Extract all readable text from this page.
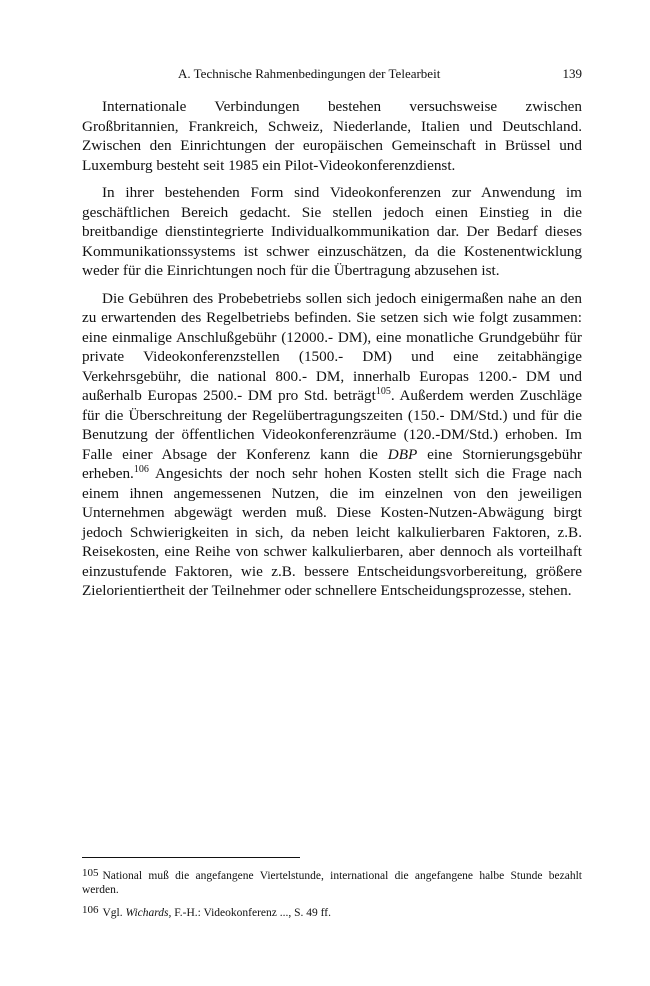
A. Technische Rahmenbedingungen der Telearbeit	139

Internationale Verbindungen bestehen versuchsweise zwischen Großbritannien, Frankreich, Schweiz, Niederlande, Italien und Deutschland. Zwischen den Einrichtungen der europäischen Gemeinschaft in Brüssel und Luxemburg besteht seit 1985 ein Pilot-Videokonferenzdienst.

In ihrer bestehenden Form sind Videokonferenzen zur Anwendung im geschäftlichen Bereich gedacht. Sie stellen jedoch einen Einstieg in die breitbandige dienstintegrierte Individualkommunikation dar. Der Bedarf dieses Kommunikationssystems ist schwer einzuschätzen, da die Kostenentwicklung weder für die Einrichtungen noch für die Übertragung abzusehen ist.

Die Gebühren des Probebetriebs sollen sich jedoch einigermaßen nahe an den zu erwartenden des Regelbetriebs befinden. Sie setzen sich wie folgt zusammen: eine einmalige Anschlußgebühr (12000.- DM), eine monatliche Grundgebühr für private Videokonferenzstellen (1500.- DM) und eine zeitabhängige Verkehrsgebühr, die national 800.- DM, innerhalb Europas 1200.- DM und außerhalb Europas 2500.- DM pro Std. beträgt$^{105}$. Außerdem werden Zuschläge für die Überschreitung der Regelübertragungszeiten (150.- DM/Std.) und für die Benutzung der öffentlichen Videokonferenzräume (120.-DM/Std.) erhoben. Im Falle einer Absage der Konferenz kann die DBP eine Stornierungsgebühr erheben.$^{106}$ Angesichts der noch sehr hohen Kosten stellt sich die Frage nach einem ihnen angemessenen Nutzen, die im einzelnen von den jeweiligen Unternehmen abgewägt werden muß. Diese Kosten-Nutzen-Abwägung birgt jedoch Schwierigkeiten in sich, da neben leicht kalkulierbaren Faktoren, z.B. Reisekosten, eine Reihe von schwer kalkulierbaren, aber dennoch als vorteilhaft einzustufende Faktoren, wie z.B. bessere Entscheidungsvorbereitung, größere Zielorientiertheit der Teilnehmer oder schnellere Entscheidungsprozesse, stehen.

105 National muß die angefangene Viertelstunde, international die angefangene halbe Stunde bezahlt werden.
106 Vgl. Wichards, F.-H.: Videokonferenz ..., S. 49 ff.
